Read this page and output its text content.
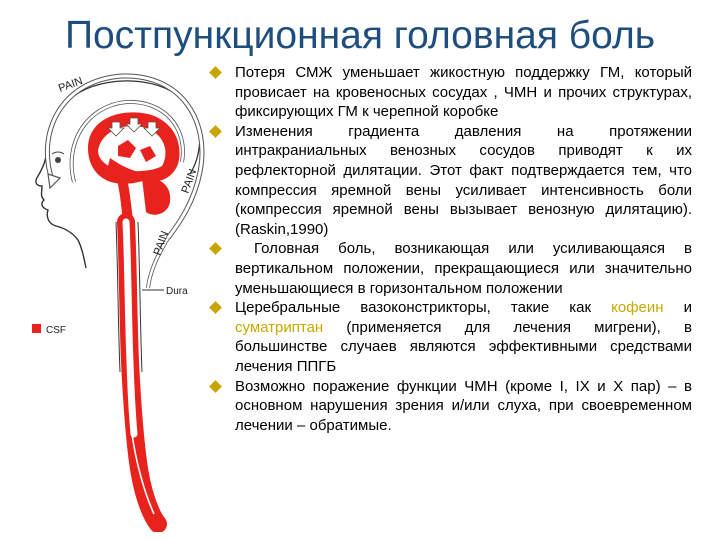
Постпункционная головная боль
PAIN
PAIN
PAIN
Dura
CSF
Потеря СМЖ уменьшает жикостную поддержку ГМ, который провисает на кровеносных сосудах , ЧМН и прочих структурах, фиксирующих ГМ к черепной коробке
Изменения градиента давления на протяжении интракраниальных венозных сосудов приводят к их рефлекторной дилятации. Этот факт подтверждается тем, что компрессия яремной вены усиливает интенсивность боли (компрессия яремной вены вызывает венозную дилятацию). (Raskin,1990)
Головная боль, возникающая или усиливающаяся в вертикальном положении, прекращающиеся или значительно уменьшающиеся в горизонтальном положении
Церебральные вазоконстрикторы, такие как кофеин и суматриптан (применяется для лечения мигрени), в большинстве случаев являются эффективными средствами лечения ППГБ
Возможно поражение функции ЧМН (кроме I, IX и X пар) – в основном нарушения зрения и/или слуха, при своевременном лечении – обратимые.
